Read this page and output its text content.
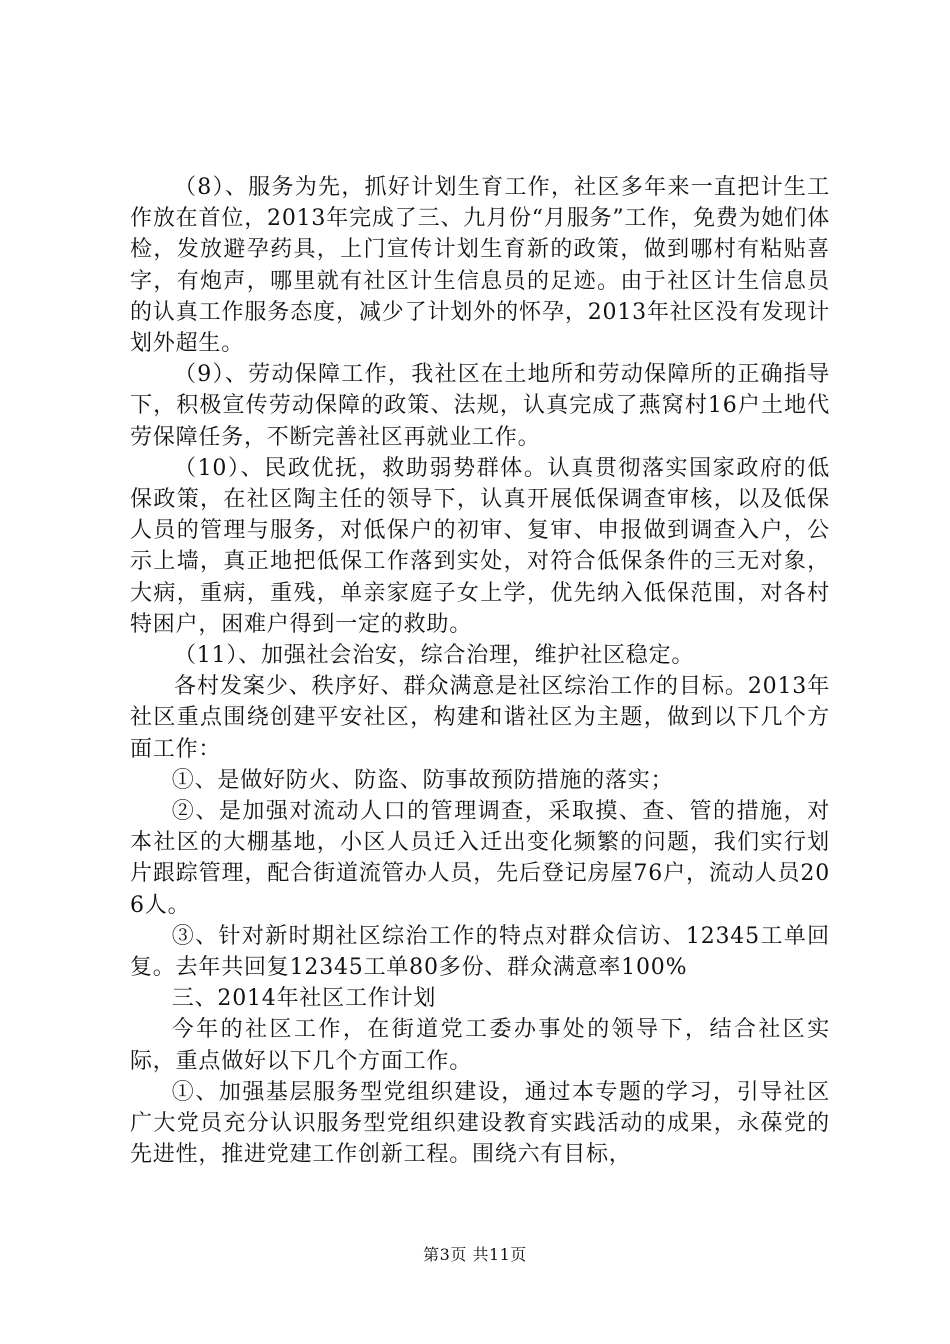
（8）、服务为先，抓好计划生育工作，社区多年来一直把计生工作放在首位，2013年完成了三、九月份“月服务”工作，免费为她们体检，发放避孕药具，上门宣传计划生育新的政策，做到哪村有粘贴喜字，有炮声，哪里就有社区计生信息员的足迹。由于社区计生信息员的认真工作服务态度，减少了计划外的怀孕，2013年社区没有发现计划外超生。

（9）、劳动保障工作，我社区在土地所和劳动保障所的正确指导下，积极宣传劳动保障的政策、法规，认真完成了燕窝村16户土地代劳保障任务，不断完善社区再就业工作。

（10）、民政优抚，救助弱势群体。认真贯彻落实国家政府的低保政策，在社区陶主任的领导下，认真开展低保调查审核，以及低保人员的管理与服务，对低保户的初审、复审、申报做到调查入户，公示上墙，真正地把低保工作落到实处，对符合低保条件的三无对象，大病，重病，重残，单亲家庭子女上学，优先纳入低保范围，对各村特困户，困难户得到一定的救助。

（11）、加强社会治安，综合治理，维护社区稳定。

各村发案少、秩序好、群众满意是社区综治工作的目标。2013年社区重点围绕创建平安社区，构建和谐社区为主题，做到以下几个方面工作：

①、是做好防火、防盗、防事故预防措施的落实；

②、是加强对流动人口的管理调查，采取摸、查、管的措施，对本社区的大棚基地，小区人员迁入迁出变化频繁的问题，我们实行划片跟踪管理，配合街道流管办人员，先后登记房屋76户，流动人员206人。

③、针对新时期社区综治工作的特点对群众信访、12345工单回复。去年共回复12345工单80多份、群众满意率100%

三、2014年社区工作计划

今年的社区工作，在街道党工委办事处的领导下，结合社区实际，重点做好以下几个方面工作。

①、加强基层服务型党组织建设，通过本专题的学习，引导社区广大党员充分认识服务型党组织建设教育实践活动的成果，永葆党的先进性，推进党建工作创新工程。围绕六有目标，

第3页 共11页
